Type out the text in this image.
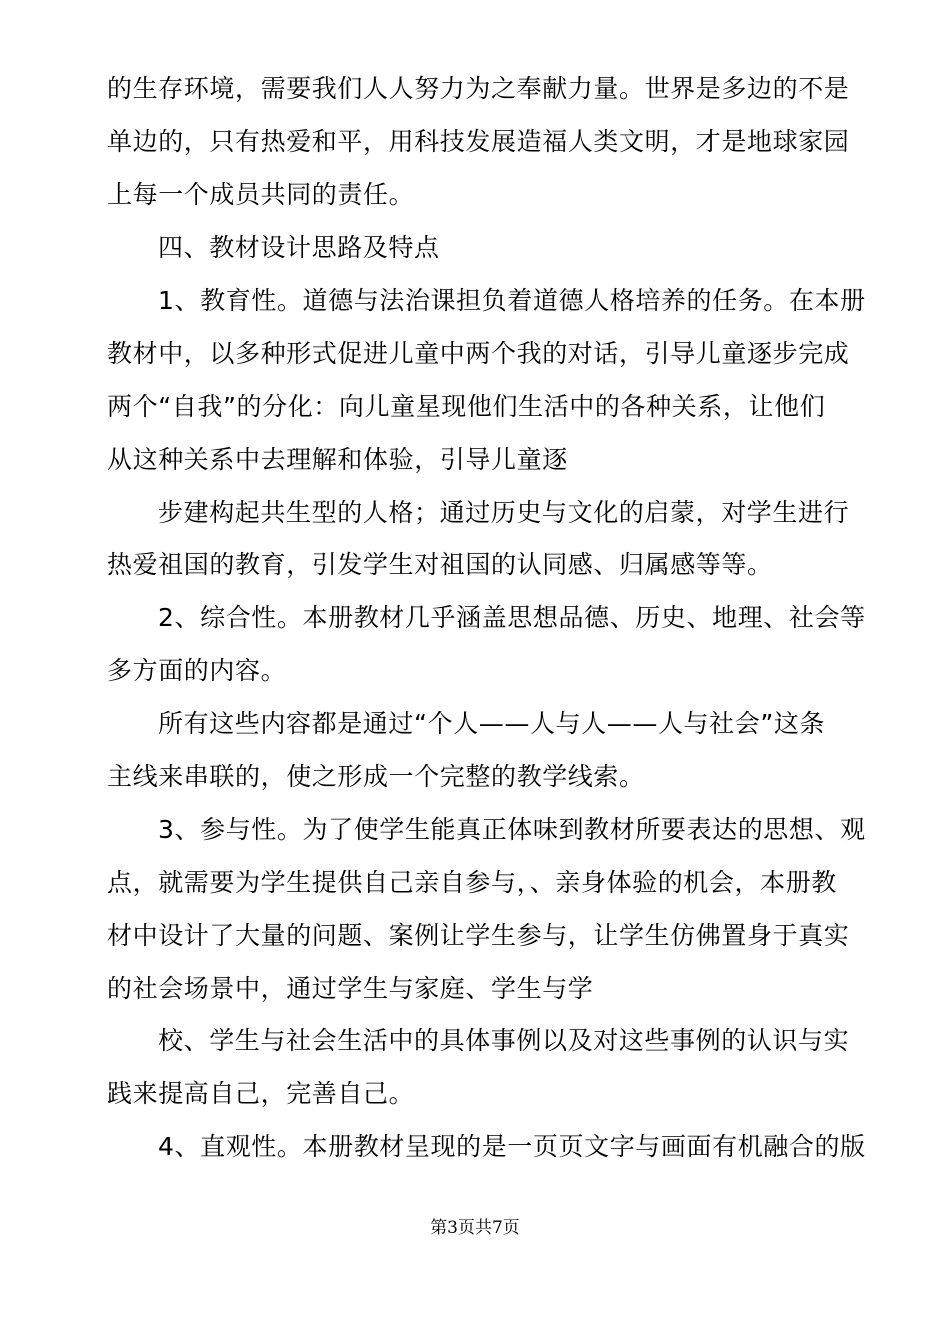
的生存环境，需要我们人人努力为之奉献力量。世界是多边的不是
单边的，只有热爱和平，用科技发展造福人类文明，才是地球家园
上每一个成员共同的责任。
四、教材设计思路及特点
1、教育性。道德与法治课担负着道德人格培养的任务。在本册
教材中，以多种形式促进儿童中两个我的对话，引导儿童逐步完成
两个“自我”的分化：向儿童星现他们生活中的各种关系，让他们
从这种关系中去理解和体验，引导儿童逐
步建构起共生型的人格；通过历史与文化的启蒙，对学生进行
热爱祖国的教育，引发学生对祖国的认同感、归属感等等。
2、综合性。本册教材几乎涵盖思想品德、历史、地理、社会等
多方面的内容。
所有这些内容都是通过“个人——人与人——人与社会”这条
主线来串联的，使之形成一个完整的教学线索。
3、参与性。为了使学生能真正体味到教材所要表达的思想、观
点，就需要为学生提供自己亲自参与，、亲身体验的机会，本册教
材中设计了大量的问题、案例让学生参与，让学生仿佛置身于真实
的社会场景中，通过学生与家庭、学生与学
校、学生与社会生活中的具体事例以及对这些事例的认识与实
践来提高自己，完善自己。
4、直观性。本册教材呈现的是一页页文字与画面有机融合的版
第3页共7页
